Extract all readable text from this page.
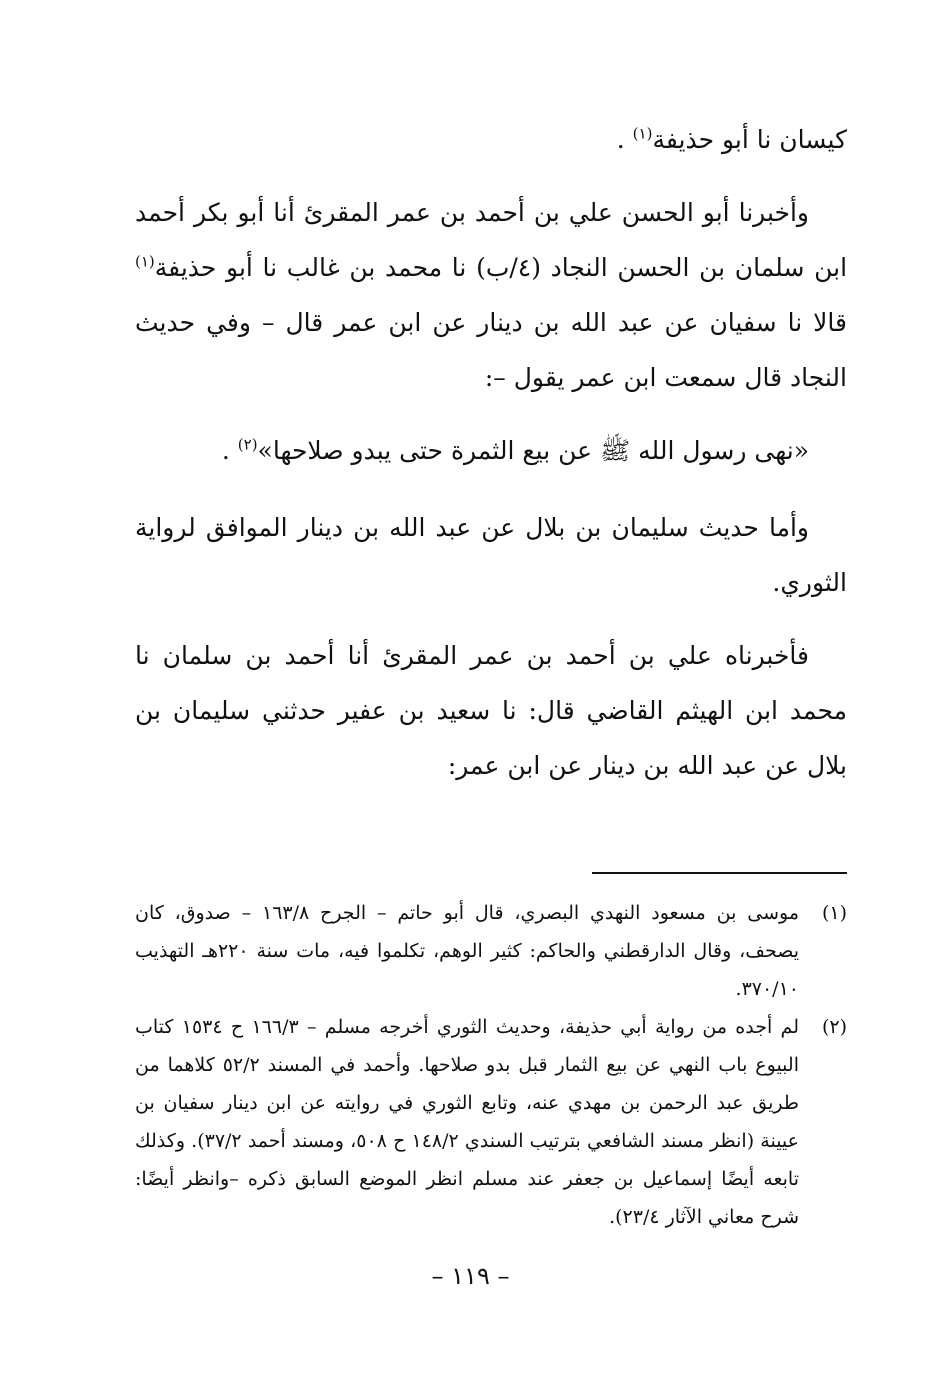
كيسان نا أبو حذيفة$^{(١)}$ .

وأخبرنا أبو الحسن علي بن أحمد بن عمر المقرئ أنا أبو بكر أحمد ابن سلمان بن الحسن النجاد (٤/ب) نا محمد بن غالب نا أبو حذيفة$^{(١)}$ قالا نا سفيان عن عبد الله بن دينار عن ابن عمر قال – وفي حديث النجاد قال سمعت ابن عمر يقول –:

«نهى رسول الله ﷺ عن بيع الثمرة حتى يبدو صلاحها»$^{(٢)}$ .

وأما حديث سليمان بن بلال عن عبد الله بن دينار الموافق لرواية الثوري.

فأخبرناه علي بن أحمد بن عمر المقرئ أنا أحمد بن سلمان نا محمد ابن الهيثم القاضي قال: نا سعيد بن عفير حدثني سليمان بن بلال عن عبد الله بن دينار عن ابن عمر:

(١)
موسى بن مسعود النهدي البصري، قال أبو حاتم – الجرح ١٦٣/٨ – صدوق، كان يصحف، وقال الدارقطني والحاكم: كثير الوهم، تكلموا فيه، مات سنة ٢٢٠هـ التهذيب ٣٧٠/١٠.
(٢)
لم أجده من رواية أبي حذيفة، وحديث الثوري أخرجه مسلم – ١٦٦/٣ ح ١٥٣٤ كتاب البيوع باب النهي عن بيع الثمار قبل بدو صلاحها. وأحمد في المسند ٥٢/٢ كلاهما من طريق عبد الرحمن بن مهدي عنه، وتابع الثوري في روايته عن ابن دينار سفيان بن عيينة (انظر مسند الشافعي بترتيب السندي ١٤٨/٢ ح ٥٠٨، ومسند أحمد ٣٧/٢). وكذلك تابعه أيضًا إسماعيل بن جعفر عند مسلم انظر الموضع السابق ذكره –وانظر أيضًا: شرح معاني الآثار ٢٣/٤).
– ١١٩ –
